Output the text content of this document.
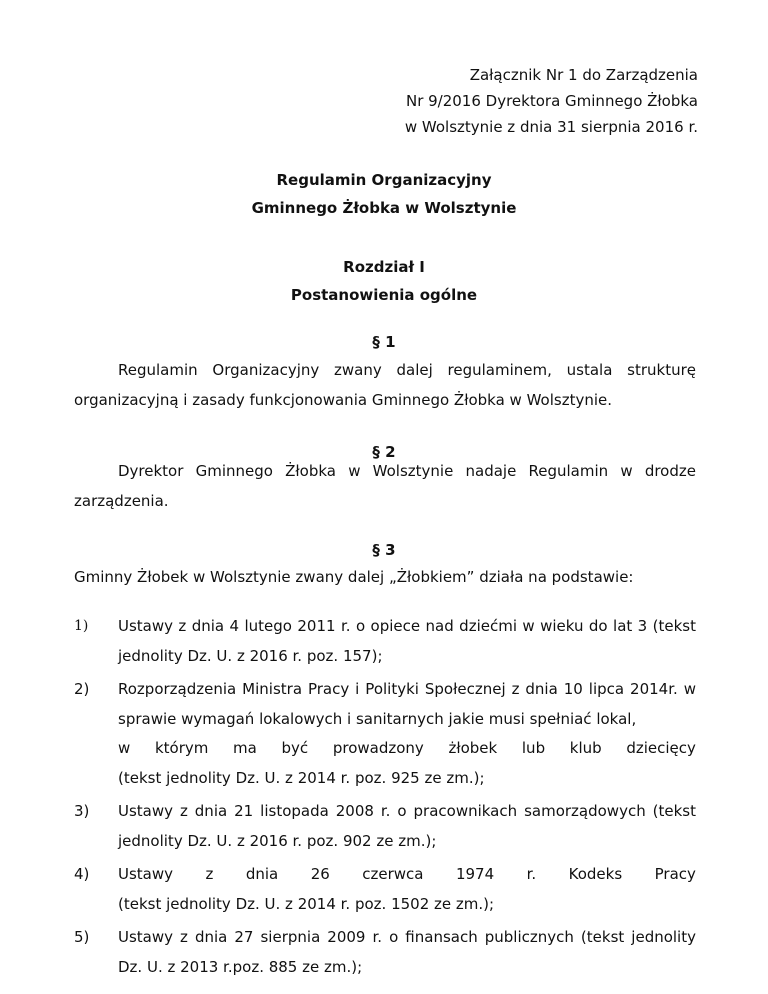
Załącznik Nr 1 do Zarządzenia
Nr 9/2016 Dyrektora Gminnego Żłobka
w Wolsztynie z dnia 31 sierpnia 2016 r.
Regulamin Organizacyjny
Gminnego Żłobka w Wolsztynie
Rozdział I
Postanowienia ogólne
§ 1
Regulamin Organizacyjny zwany dalej regulaminem, ustala strukturę organizacyjną i zasady funkcjonowania Gminnego Żłobka w Wolsztynie.
§ 2
Dyrektor Gminnego Żłobka w Wolsztynie nadaje Regulamin w drodze zarządzenia.
§ 3
Gminny Żłobek w Wolsztynie zwany dalej „Żłobkiem” działa na podstawie:
1) Ustawy z dnia 4 lutego 2011 r. o opiece nad dziećmi w wieku do lat 3 (tekst jednolity Dz. U. z 2016 r. poz. 157);
2) Rozporządzenia Ministra Pracy i Polityki Społecznej z dnia 10 lipca 2014r. w sprawie wymagań lokalowych i sanitarnych jakie musi spełniać lokal,
w którym ma być prowadzony żłobek lub klub dziecięcy
(tekst jednolity Dz. U. z 2014 r. poz. 925 ze zm.);
3) Ustawy z dnia 21 listopada 2008 r. o pracownikach samorządowych (tekst jednolity Dz. U. z 2016 r. poz. 902 ze zm.);
4) Ustawy z dnia 26 czerwca 1974 r. Kodeks Pracy
(tekst jednolity Dz. U. z 2014 r. poz. 1502 ze zm.);
5) Ustawy z dnia 27 sierpnia 2009 r. o finansach publicznych (tekst jednolity Dz. U. z 2013 r.poz. 885 ze zm.);
